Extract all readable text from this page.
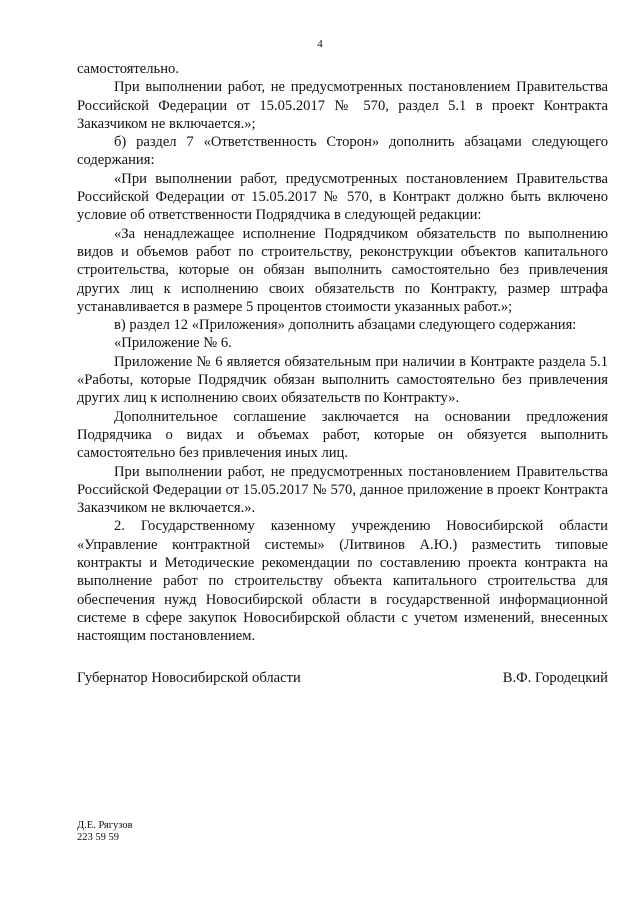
4

самостоятельно.

При выполнении работ, не предусмотренных постановлением Правительства Российской Федерации от 15.05.2017 № 570, раздел 5.1 в проект Контракта Заказчиком не включается.»;

б) раздел 7 «Ответственность Сторон» дополнить абзацами следующего содержания:

«При выполнении работ, предусмотренных постановлением Правительства Российской Федерации от 15.05.2017 № 570, в Контракт должно быть включено условие об ответственности Подрядчика в следующей редакции:

«За ненадлежащее исполнение Подрядчиком обязательств по выполнению видов и объемов работ по строительству, реконструкции объектов капитального строительства, которые он обязан выполнить самостоятельно без привлечения других лиц к исполнению своих обязательств по Контракту, размер штрафа устанавливается в размере 5 процентов стоимости указанных работ.»;

в) раздел 12 «Приложения» дополнить абзацами следующего содержания:

«Приложение № 6.

Приложение № 6 является обязательным при наличии в Контракте раздела 5.1 «Работы, которые Подрядчик обязан выполнить самостоятельно без привлечения других лиц к исполнению своих обязательств по Контракту».

Дополнительное соглашение заключается на основании предложения Подрядчика о видах и объемах работ, которые он обязуется выполнить самостоятельно без привлечения иных лиц.

При выполнении работ, не предусмотренных постановлением Правительства Российской Федерации от 15.05.2017 № 570, данное приложение в проект Контракта Заказчиком не включается.».

2. Государственному казенному учреждению Новосибирской области «Управление контрактной системы» (Литвинов А.Ю.) разместить типовые контракты и Методические рекомендации по составлению проекта контракта на выполнение работ по строительству объекта капитального строительства для обеспечения нужд Новосибирской области в государственной информационной системе в сфере закупок Новосибирской области с учетом изменений, внесенных настоящим постановлением.

Губернатор Новосибирской области	В.Ф. Городецкий
Д.Е. Рягузов
223 59 59
